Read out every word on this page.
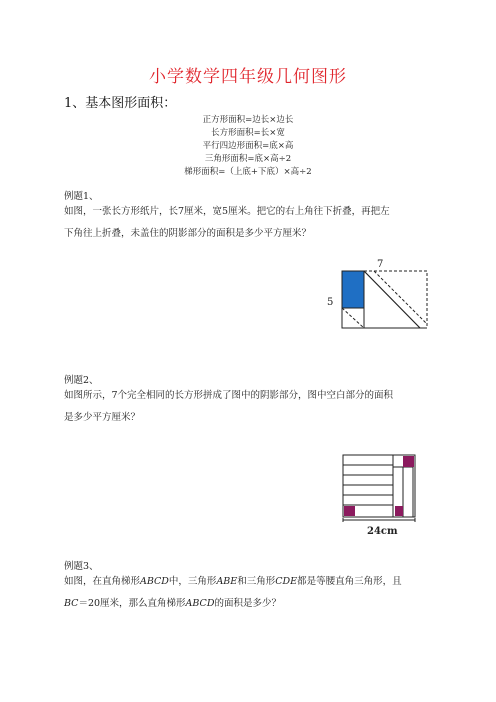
小学数学四年级几何图形
1、基本图形面积：
正方形面积=边长×边长
长方形面积=长×宽
平行四边形面积=底×高
三角形面积=底×高÷2
梯形面积=（上底+下底）×高÷2
例题1、
如图，一张长方形纸片，长7厘米，宽5厘米。把它的右上角往下折叠，再把左
下角往上折叠，未盖住的阴影部分的面积是多少平方厘米？
7
5
例题2、
如图所示，7个完全相同的长方形拼成了图中的阴影部分，图中空白部分的面积
是多少平方厘米？
24cm
例题3、
如图，在直角梯形ABCD中，三角形ABE和三角形CDE都是等腰直角三角形，且
BC＝20厘米，那么直角梯形ABCD的面积是多少？
